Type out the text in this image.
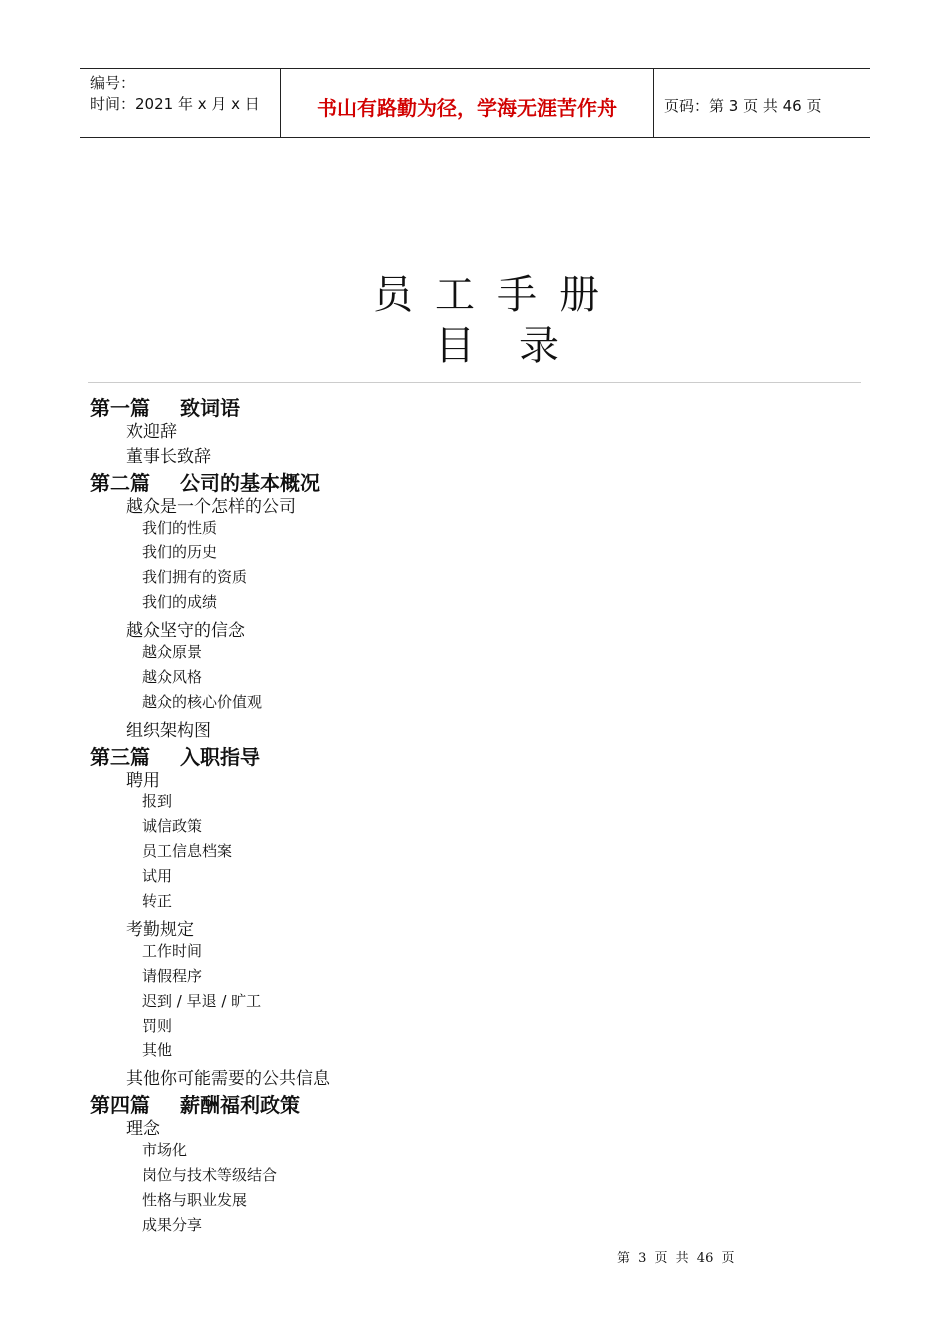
编号：
时间：2021 年 x 月 x 日	书山有路勤为径，学海无涯苦作舟	页码：第 3 页 共 46 页
员工手册
目录
第一篇 致词语
欢迎辞
董事长致辞
第二篇 公司的基本概况
越众是一个怎样的公司
我们的性质
我们的历史
我们拥有的资质
我们的成绩
越众坚守的信念
越众原景
越众风格
越众的核心价值观
组织架构图
第三篇 入职指导
聘用
报到
诚信政策
员工信息档案
试用
转正
考勤规定
工作时间
请假程序
迟到 / 早退 / 旷工
罚则
其他
其他你可能需要的公共信息
第四篇 薪酬福利政策
理念
市场化
岗位与技术等级结合
性格与职业发展
成果分享
第 3 页 共 46 页
